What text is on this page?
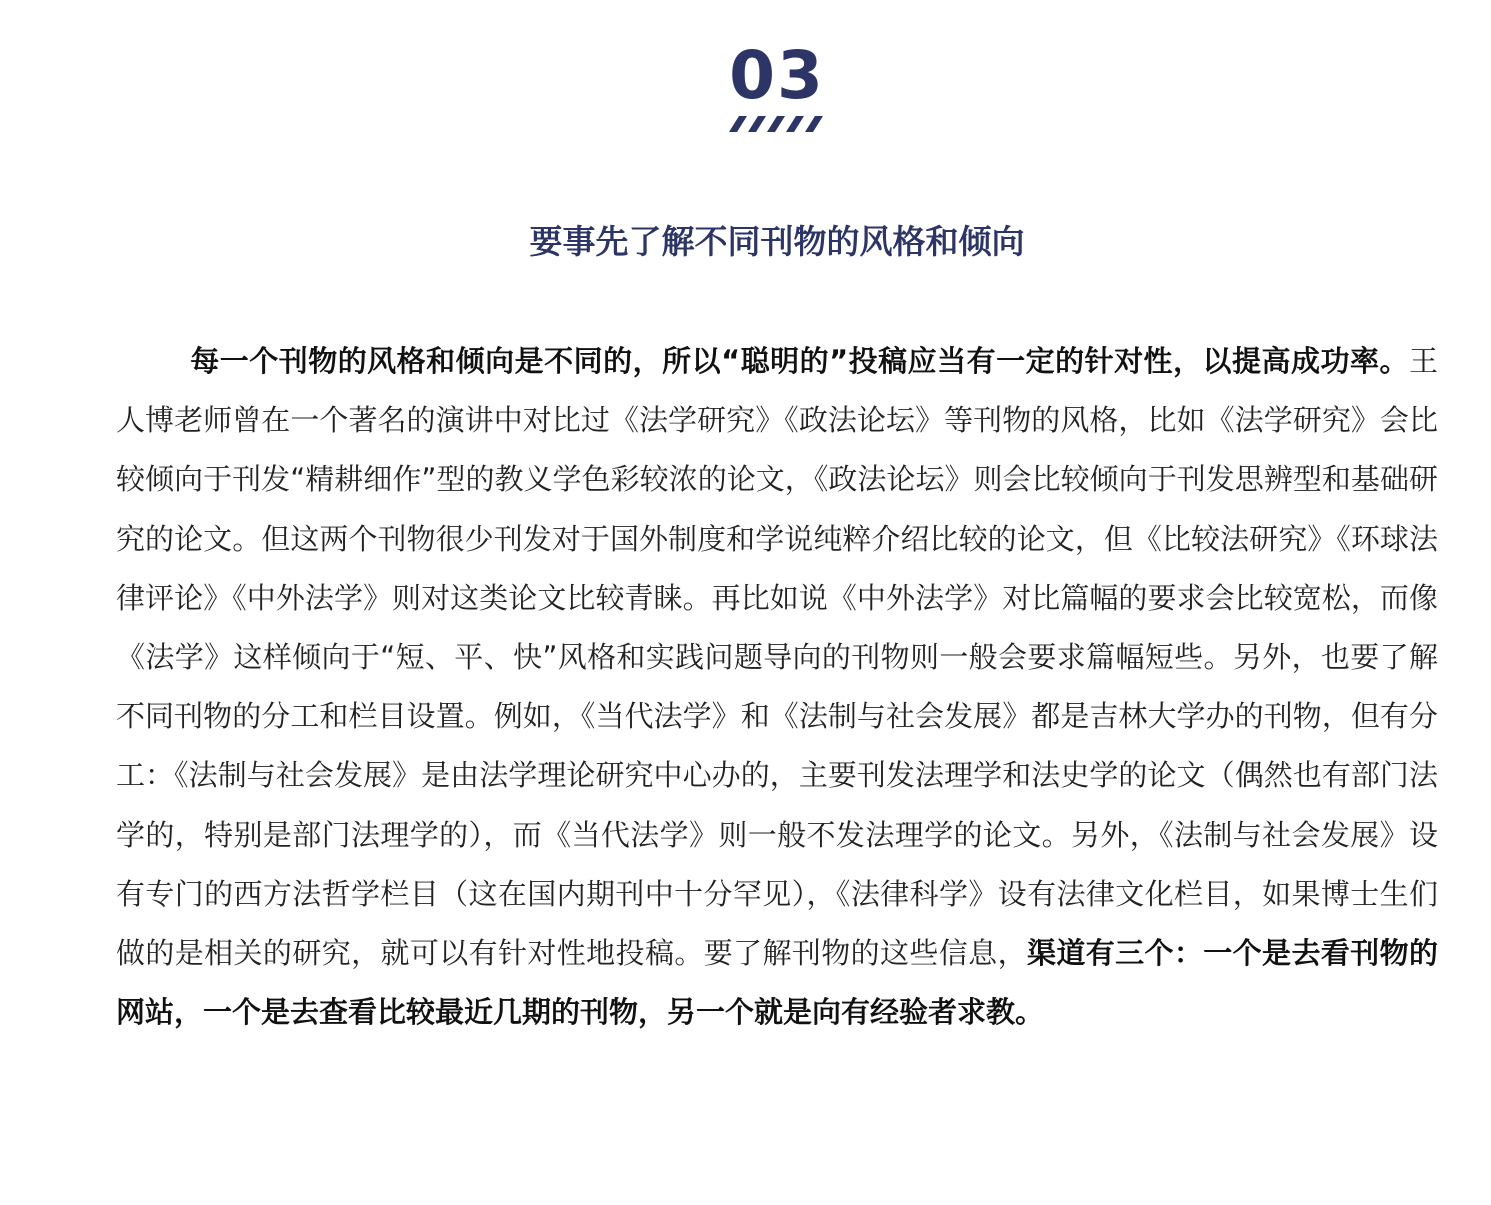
03
要事先了解不同刊物的风格和倾向

每一个刊物的风格和倾向是不同的，所以“聪明的”投稿应当有一定的针对性，以提高成功率。王人博老师曾在一个著名的演讲中对比过《法学研究》《政法论坛》等刊物的风格，比如《法学研究》会比较倾向于刊发“精耕细作”型的教义学色彩较浓的论文，《政法论坛》则会比较倾向于刊发思辨型和基础研究的论文。但这两个刊物很少刊发对于国外制度和学说纯粹介绍比较的论文，但《比较法研究》《环球法律评论》《中外法学》则对这类论文比较青睐。再比如说《中外法学》对比篇幅的要求会比较宽松，而像《法学》这样倾向于“短、平、快”风格和实践问题导向的刊物则一般会要求篇幅短些。另外，也要了解不同刊物的分工和栏目设置。例如，《当代法学》和《法制与社会发展》都是吉林大学办的刊物，但有分工：《法制与社会发展》是由法学理论研究中心办的，主要刊发法理学和法史学的论文（偶然也有部门法学的，特别是部门法理学的），而《当代法学》则一般不发法理学的论文。另外，《法制与社会发展》设有专门的西方法哲学栏目（这在国内期刊中十分罕见），《法律科学》设有法律文化栏目，如果博士生们做的是相关的研究，就可以有针对性地投稿。要了解刊物的这些信息，渠道有三个：一个是去看刊物的网站，一个是去查看比较最近几期的刊物，另一个就是向有经验者求教。
